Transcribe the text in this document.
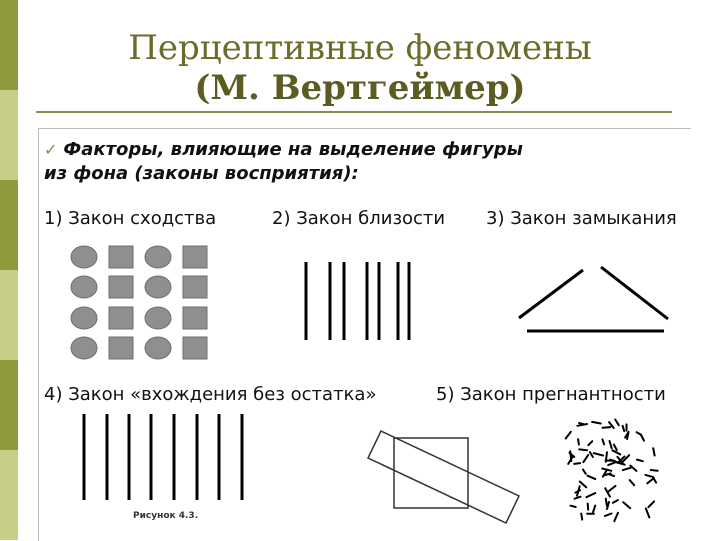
Перцептивные феномены
(М. Вертгеймер)
✓ Факторы, влияющие на выделение фигуры
из фона (законы восприятия):
1) Закон сходства	2) Закон близости 3) Закон замыкания
4) Закон «вхождения без остатка»	5) Закон прегнантности
Рисунок 4.3.
